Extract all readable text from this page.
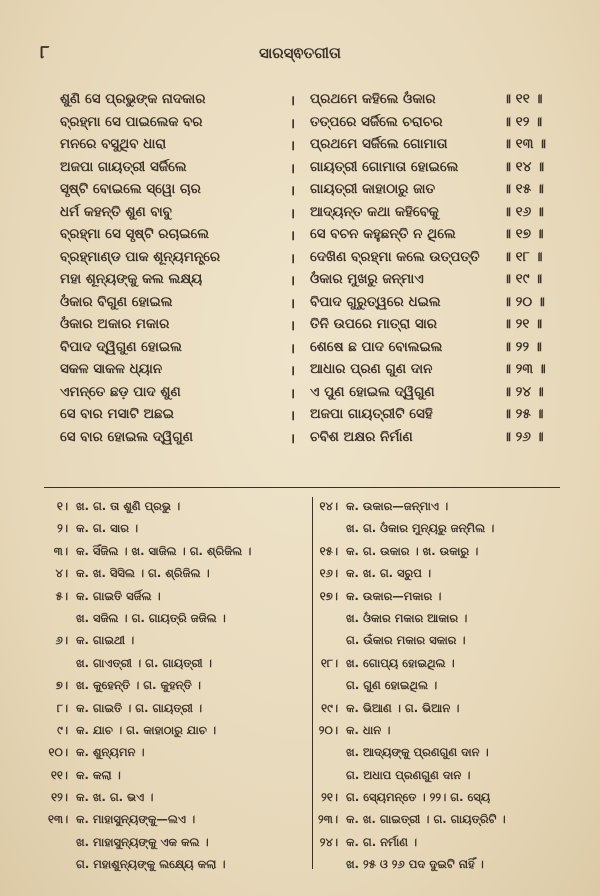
୮	ସାରସ୍ଵତଗୀତା
ଶୁଣି ସେ ପ୍ରଭୁଙ୍କ ନାଦକାର	। ପ୍ରଥମେ କହିଲେ ଓଁକାର	॥ ୧୧ ॥
ବ୍ରହ୍ମା ସେ ପାଇଲେକ ବର	। ତତ୍ପରେ ସର୍ଜିଲେ ଚରାଚର	॥ ୧୨ ॥
ମନରେ ବସୁଥିବ ଧାରା	। ପ୍ରଥମେ ସର୍ଜିଲେ ଗୋମାତା	॥ ୧୩ ॥
ଅଜପା ଗାୟତ୍ରୀ ସର୍ଜିଲେ	। ଗାୟତ୍ରୀ ଗୋମାତା ହୋଇଲେ	॥ ୧୪ ॥
ସୃଷ୍ଟି ବୋଇଲେ ସ୍ୱୋ ଚାର	। ଗାୟତ୍ରୀ କାହାଠାରୁ ଜାତ	॥ ୧୫ ॥
ଧର୍ମ କହନ୍ତି ଶୁଣ ବାବୁ	। ଆଦ୍ୟନ୍ତ କଥା କହିବେକୁ	॥ ୧୬ ॥
ବ୍ରହ୍ମା ସେ ସୃଷ୍ଟି ରଚାଇଲେ	। ସେ ବଚନ କହୁଛନ୍ତି ନ ଥିଲେ	॥ ୧୭ ॥
ବ୍ରହ୍ମାଣ୍ଡ ପାକ ଶୂନ୍ୟମନ୍ତ୍ରେ	। ଦେଖିଣ ବ୍ରହ୍ମା କଲେ ଉତ୍ପତ୍ତି	॥ ୧୮ ॥
ମହା ଶୂନ୍ୟଙ୍କୁ କଲ ଲକ୍ଷ୍ୟ	। ଓଁକାର ମୁଖରୁ ଜନ୍ମାଏ	॥ ୧୯ ॥
ଓଁକାର ବିଗୁଣ ହୋଇଲ	। ବିପାଦ ଗୁରୁତ୍ୱରେ ଧଇଲ	॥ ୨୦ ॥
ଓଁକାର ଅକାର ମକାର	। ତିନି ଉପରେ ମାତ୍ରା ସାର	॥ ୨୧ ॥
ବିପାଦ ଦ୍ୱିଗୁଣ ହୋଇଲ	। ଶେଷେ ଛ ପାଦ ବୋଲଇଲ	॥ ୨୨ ॥
ସକଳ ସାକଳ ଧ୍ୟାନ	। ଆଧାର ପ୍ରଣ ଗୁଣ ଦାନ	॥ ୨୩ ॥
ଏମନ୍ତେ ଛଡ଼ ପାଦ ଶୁଣ	। ଏ ପୁଣ ହୋଇଲ ଦ୍ୱିଗୁଣ	॥ ୨୪ ॥
ସେ ବାର ମସାଟି ଅଛଇ	। ଅଜପା ଗାୟତ୍ରୀଟି ସେହି	॥ ୨୫ ॥
ସେ ବାର ହୋଇଲ ଦ୍ୱିଗୁଣ	। ଚବିଶ ଅକ୍ଷର ନିର୍ମାଣ	॥ ୨୬ ॥
୧। ଖ. ଗ. ତା ଶୁଣି ପ୍ରଭୁ ।
୨। କ. ଗ. ସାର ।
୩। କ. ସିଁଜିଲ । ଖ. ସାଜିଲ । ଗ. ଶ୍ରିଜିଲ ।
୪। କ. ଖ. ସିସିଲ । ଗ. ଶ୍ରିଜିଲ ।
୫। କ. ଗାଇତି ସର୍ଜିଲ ।
ଖ. ସଜିଲ । ଗ. ଗାୟତ୍ରି ଜଜିଲ ।
୬। କ. ଗାଇଥୀ ।
ଖ. ଗାଏତ୍ରୀ । ଗ. ଗାୟତ୍ରୀ ।
୭। ଖ. କୁହେନ୍ତି । ଗ. କୁହନ୍ତି ।
୮। କ. ଗାଇତି । ଗ. ଗାୟତ୍ରୀ ।
୯। କ. ଯାଚ । ଗ. କାହାଠାରୁ ଯାଚ ।
୧୦। କ. ଶୁନ୍ୟମନ ।
୧୧। କ. କଲା ।
୧୨। କ. ଖ. ଗ. ଭଏ ।
୧୩। କ. ମାହାସୁନ୍ୟଙ୍କୁ—ଲଏ ।
ଖ. ମାହାସୁନ୍ୟଙ୍କୁ ଏକ କଲ ।
ଗ. ମହାଶୁନ୍ୟଙ୍କୁ ଲକ୍ଷ୍ୟେ କଲା ।
୧୪। କ. ଉକାର—ଜନ୍ମାଏ ।
ଖ. ଗ. ଓଁକାର ମୁନ୍ୟରୁ ଜନ୍ମିଲ ।
୧୫। କ. ଗ. ଉକାର । ଖ. ଉକାରୁ ।
୧୬। କ. ଖ. ଗ. ସରୁପ ।
୧୭। କ. ଉକାର—ମକାର ।
ଖ. ଓଁକାର ମକାର ଆକାର ।
ଗ. ଉଁକାର ମକାର ସକାର ।
୧୮। ଖ. ଗୋପ୍ୟ ହୋଇଥିଲ ।
ଗ. ଗୁଣ ହୋଇଥିଲ ।
୧୯। କ. ଭିଆଣ । ଗ. ଭିଆନ ।
୨୦। କ. ଧାନ ।
ଖ. ଆଦ୍ୟଙ୍କୁ ପ୍ରଣଗୁଣ ଦାନ ।
ଗ. ଅଧାପ ପ୍ରଣଗୁଣ ଦାନ ।
୨୧। ଗ. ସ୍ୟେମନ୍ତେ । ୨୨। ଗ. ସ୍ୟେ
୨୩। କ. ଖ. ଗାଇତ୍ରୀ । ଗ. ଗାୟତ୍ରିଟି ।
୨୪। କ. ଗ. ନର୍ମାଣ ।
ଖ. ୨୫ ଓ ୨୬ ପଦ ଦୁଇଟି ନାହିଁ ।
